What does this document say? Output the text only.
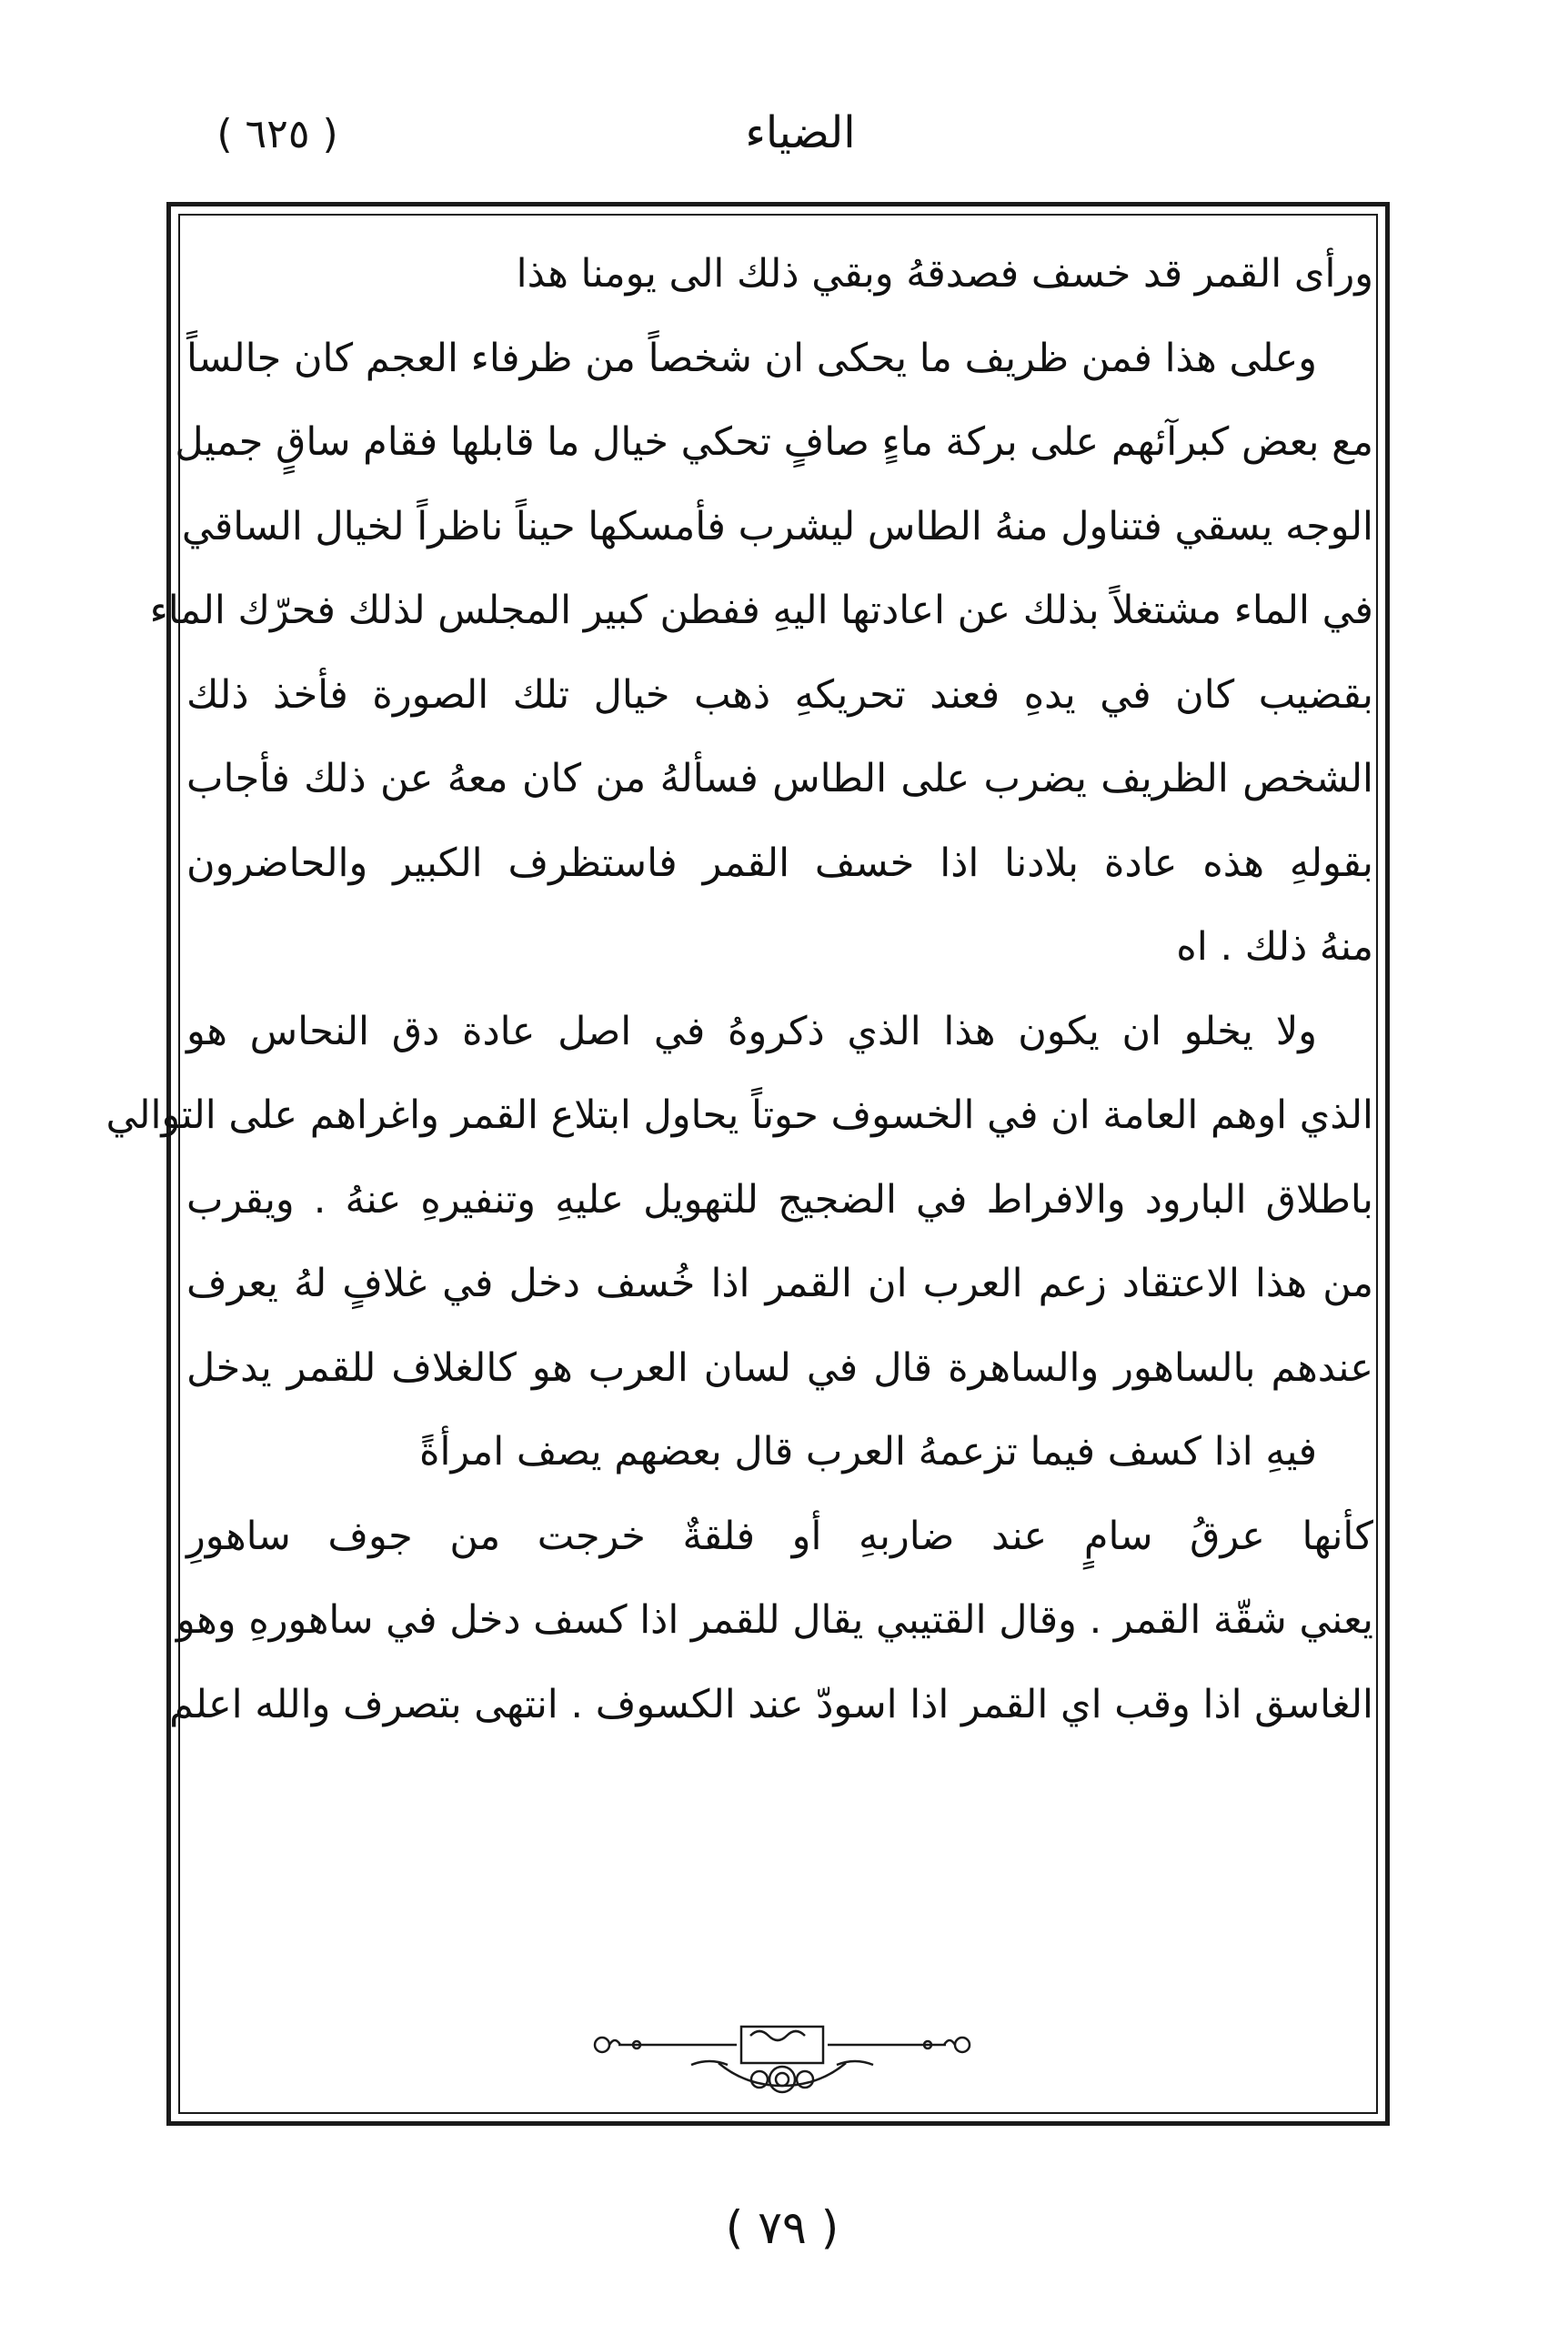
الضياء
( ٦٢٥ )
ورأى القمر قد خسف فصدقهُ وبقي ذلك الى يومنا هذا
وعلى هذا فمن ظريف ما يحكى ان شخصاً من ظرفاء العجم كان جالساً
مع بعض كبرآئهم على بركة ماءٍ صافٍ تحكي خيال ما قابلها فقام ساقٍ جميل
الوجه يسقي فتناول منهُ الطاس ليشرب فأمسكها حيناً ناظراً لخيال الساقي
في الماء مشتغلاً بذلك عن اعادتها اليهِ ففطن كبير المجلس لذلك فحرّك الماء
بقضيب كان في يدهِ فعند تحريكهِ ذهب خيال تلك الصورة فأخذ ذلك
الشخص الظريف يضرب على الطاس فسألهُ من كان معهُ عن ذلك فأجاب
بقولهِ هذه عادة بلادنا اذا خسف القمر فاستظرف الكبير والحاضرون
منهُ ذلك . اه
ولا يخلو ان يكون هذا الذي ذكروهُ في اصل عادة دق النحاس هو
الذي اوهم العامة ان في الخسوف حوتاً يحاول ابتلاع القمر واغراهم على التوالي
باطلاق البارود والافراط في الضجيج للتهويل عليهِ وتنفيرهِ عنهُ . ويقرب
من هذا الاعتقاد زعم العرب ان القمر اذا خُسف دخل في غلافٍ لهُ يعرف
عندهم بالساهور والساهرة قال في لسان العرب هو كالغلاف للقمر يدخل
فيهِ اذا كسف فيما تزعمهُ العرب قال بعضهم يصف امرأةً
كأنها عرقُ سامٍ عند ضاربهِ أو فلقةٌ خرجت من جوف ساهورِ
يعني شقّة القمر . وقال القتيبي يقال للقمر اذا كسف دخل في ساهورهِ وهو
الغاسق اذا وقب اي القمر اذا اسودّ عند الكسوف . انتهى بتصرف والله اعلم
( ٧٩ )
